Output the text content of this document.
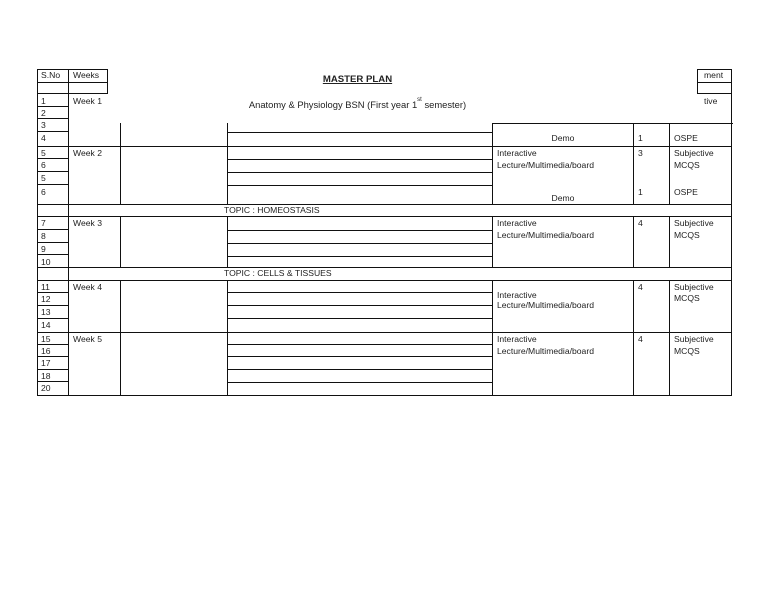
S.No Weeks	ment
tive
MASTER PLAN
Anatomy & Physiology BSN (First year 1st semester)
1
2
3
4
5
6
5
6
7
8
9
10
11
12
13
14
15
16
17
18
20
Week 1
Week 2
Week 3
Week 4
Week 5
TOPIC : HOMEOSTASIS
TOPIC : CELLS & TISSUES
Demo
Interactive
Lecture/Multimedia/board
Demo
Interactive
Lecture/Multimedia/board
Interactive
Lecture/Multimedia/board
Interactive
Lecture/Multimedia/board
1
3
1
4
4
4
OSPE
Subjective
MCQS
OSPE
Subjective
MCQS
Subjective
MCQS
Subjective
MCQS
